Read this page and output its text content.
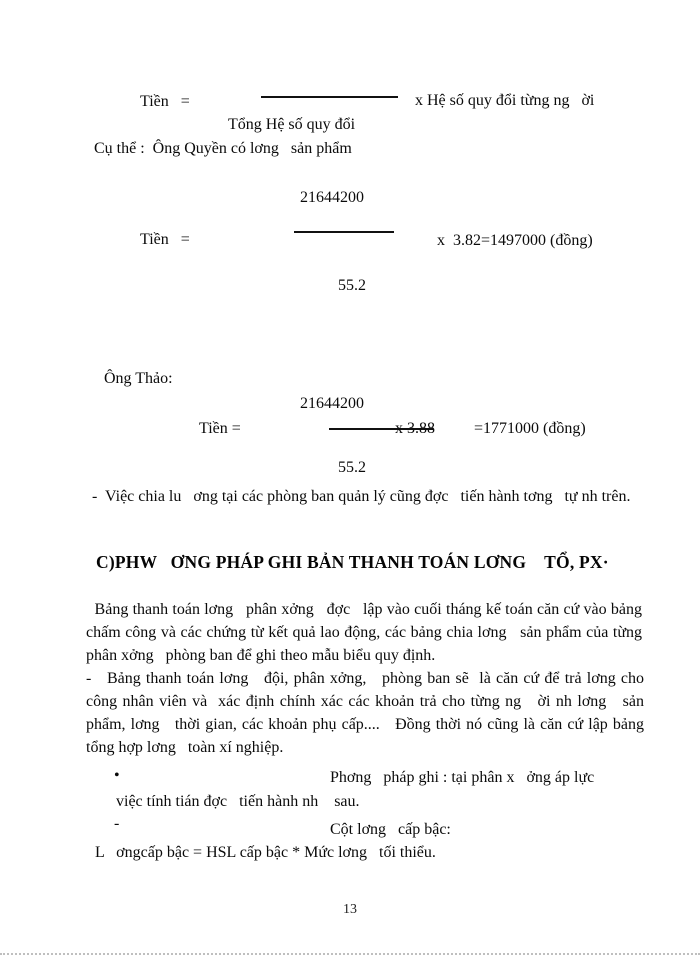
Tiền   =	x Hệ số quy đổi từng ng   ời
Tổng Hệ số quy đổi
Cụ thể :  Ông Quyền có lơng   sản phẩm
21644200
Tiền   =	x  3.82=1497000 (đồng)
55.2
Ông Thảo:
21644200
Tiền =	x 3.88 =1771000 (đồng)
55.2
-  Việc chia lu   ơng tại các phòng ban quản lý cũng đợc   tiến hành tơng   tự nh trên.
C)PHW   ƠNG PHÁP GHI BẢN THANH TOÁN LƠNG    TỔ, PX·
Bảng thanh toán lơng   phân xởng   đợc   lập vào cuối tháng kế toán căn cứ vào bảng chấm công và các chứng từ kết quả lao động, các bảng chia lơng   sản phẩm của từng phân xởng   phòng ban để ghi theo mẫu biểu quy định.
-   Bảng thanh toán lơng   đội, phân xởng,   phòng ban sẽ  là căn cứ để trả lơng cho công nhân viên và  xác định chính xác các khoản trả cho từng ng   ời nh lơng   sản phẩm, lơng   thời gian, các khoản phụ cấp....   Đồng thời nó cũng là căn cứ lập bảng tổng hợp lơng   toàn xí nghiệp.
•	Phơng   pháp ghi : tại phân x   ởng áp lực
việc tính tián đợc   tiến hành nh    sau.
-	Cột lơng   cấp bậc:
L   ơngcấp bậc = HSL cấp bậc * Mức lơng   tối thiểu.
13
